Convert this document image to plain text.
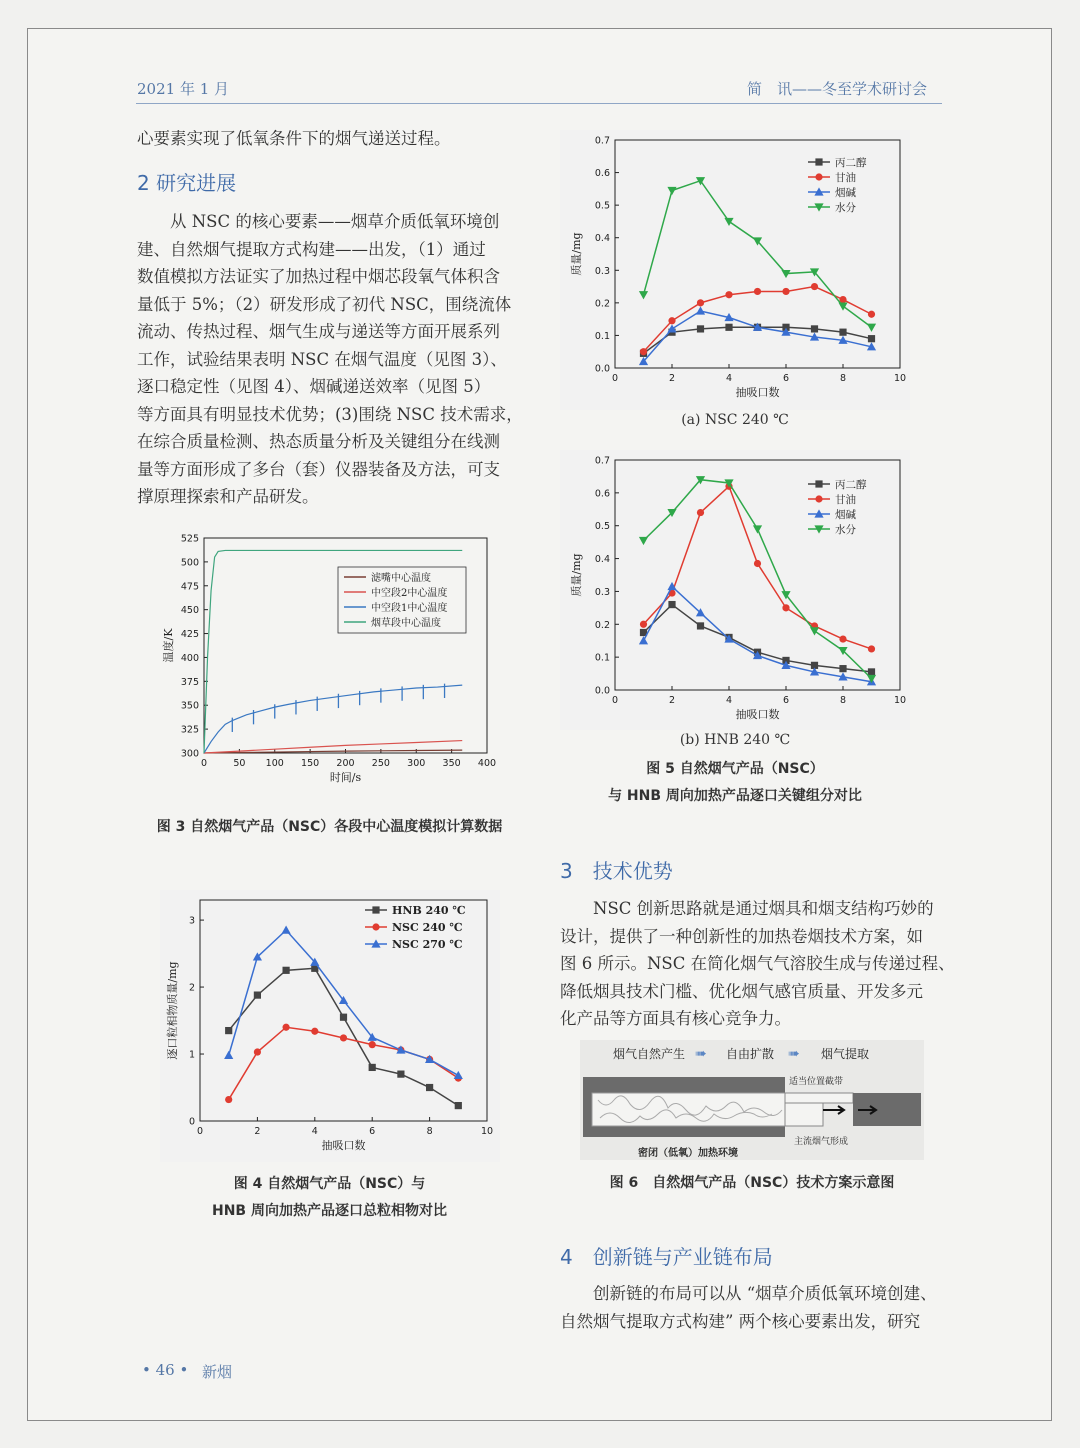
2021 年 1 月	简　讯——冬至学术研讨会
心要素实现了低氧条件下的烟气递送过程。
2 研究进展
从 NSC 的核心要素——烟草介质低氧环境创
建、自然烟气提取方式构建——出发，（1）通过
数值模拟方法证实了加热过程中烟芯段氧气体积含
量低于 5%；（2）研发形成了初代 NSC，围绕流体
流动、传热过程、烟气生成与递送等方面开展系列
工作，试验结果表明 NSC 在烟气温度（见图 3）、
逐口稳定性（见图 4）、烟碱递送效率（见图 5）
等方面具有明显技术优势；(3)围绕 NSC 技术需求，
在综合质量检测、热态质量分析及关键组分在线测
量等方面形成了多台（套）仪器装备及方法，可支
撑原理探索和产品研发。
0	50 100 150 200 250 300 350 400
300
325
350
375
400
425
450
475
500
525
时间/s
温度/K
滤嘴中心温度
中空段2中心温度
中空段1中心温度
烟草段中心温度
图 3 自然烟气产品（NSC）各段中心温度模拟计算数据
0	2	4	6	8	10
0
1
2
3
抽吸口数
逐口粒相物质量/mg
HNB 240 ℃
NSC 240 ℃
NSC 270 ℃
图 4 自然烟气产品（NSC）与
HNB 周向加热产品逐口总粒相物对比
0	2	4	6	8	10
0.0
0.1
0.2
0.3
0.4
0.5
0.6
0.7
抽吸口数
质量/mg
丙二醇
甘油
烟碱
水分
(a) NSC 240 ℃
0	2	4	6	8	10
0.0
0.1
0.2
0.3
0.4
0.5
0.6
0.7
抽吸口数
质量/mg
丙二醇
甘油
烟碱
水分
(b) HNB 240 ℃
图 5 自然烟气产品（NSC）
与 HNB 周向加热产品逐口关键组分对比
3　技术优势
NSC 创新思路就是通过烟具和烟支结构巧妙的
设计，提供了一种创新性的加热卷烟技术方案，如
图 6 所示。NSC 在简化烟气气溶胶生成与传递过程、
降低烟具技术门槛、优化烟气感官质量、开发多元
化产品等方面具有核心竞争力。
烟气自然产生 ➠ 自由扩散 ➠ 烟气提取
适当位置截带
主流烟气形成
密闭（低氧）加热环境
图 6　自然烟气产品（NSC）技术方案示意图
4　创新链与产业链布局
创新链的布局可以从 “烟草介质低氧环境创建、
自然烟气提取方式构建” 两个核心要素出发，研究
• 46 • 新烟
